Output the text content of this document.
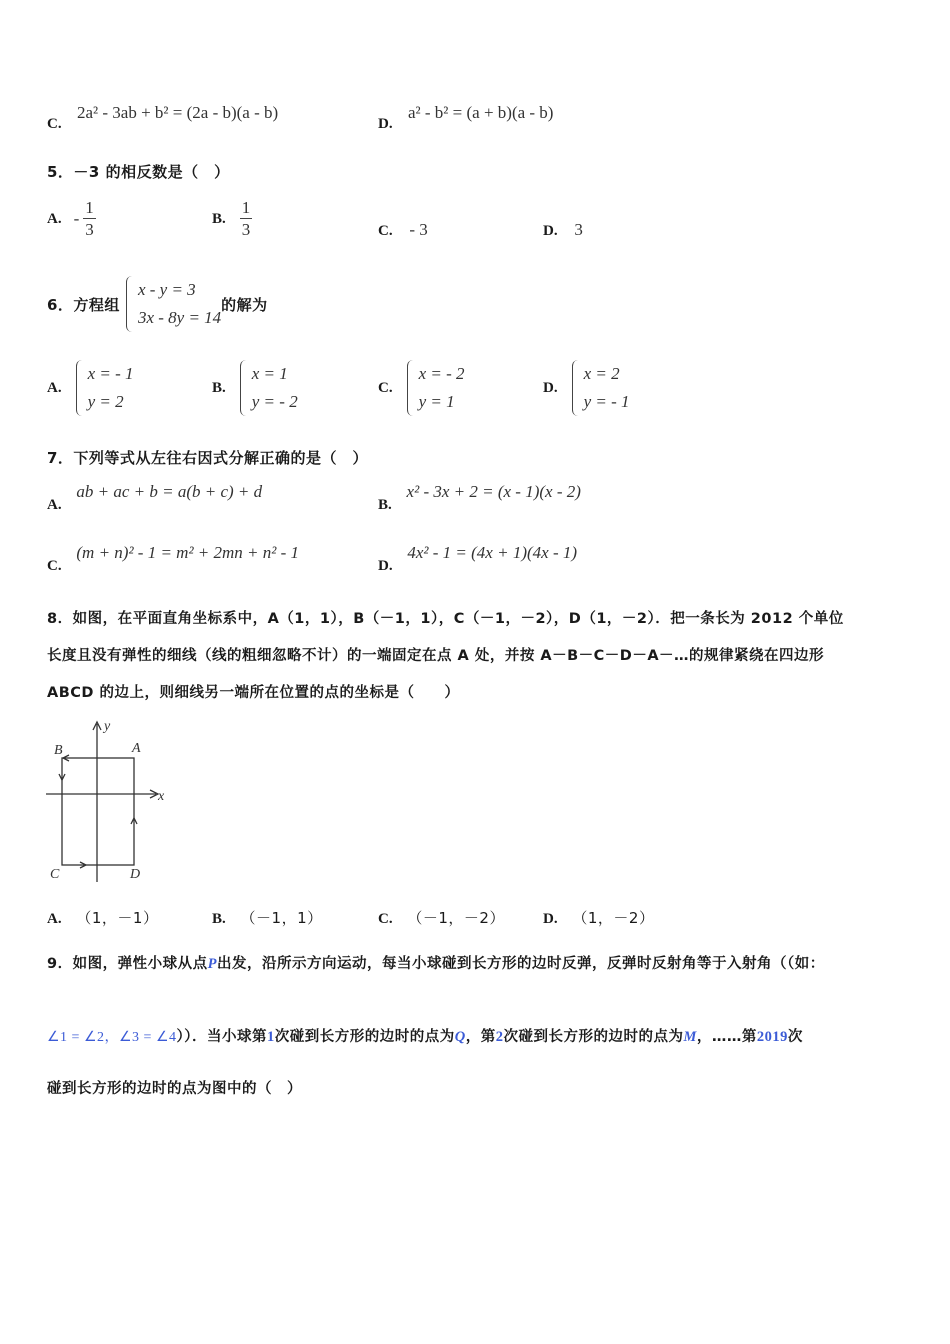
C.
2a² - 3ab + b² = (2a - b)(a - b)
D.
a² - b² = (a + b)(a - b)
5．－3 的相反数是（　）
A. - $\frac{1}{3}$	B. $\frac{1}{3}$	C. - 3	D. 3
6．方程组
x - y = 3
3x - 8y = 14
的解为
A.
x = - 1
y = 2
B.
x = 1
y = - 2
C.
x = - 2
y = 1
D.
x = 2
y = - 1
7．下列等式从左往右因式分解正确的是（　）
A. ab + ac + b = a(b + c) + d
B. x² - 3x + 2 = (x - 1)(x - 2)
C. (m + n)² - 1 = m² + 2mn + n² - 1
D. 4x² - 1 = (4x + 1)(4x - 1)
8．如图，在平面直角坐标系中，A（1，1），B（－1，1），C（－1，－2），D（1，－2）．把一条长为 2012 个单位
长度且没有弹性的细线（线的粗细忽略不计）的一端固定在点 A 处，并按 A－B－C－D－A－…的规律紧绕在四边形
ABCD 的边上，则细线另一端所在位置的点的坐标是（　　）
y
x
A
B
C	D
A. （1，－1）	B. （－1，1）	C. （－1，－2）	D. （1，－2）
9．如图，弹性小球从点P出发，沿所示方向运动，每当小球碰到长方形的边时反弹，反弹时反射角等于入射角（（如：
∠1 = ∠2，∠3 = ∠4））．当小球第1次碰到长方形的边时的点为Q，第2次碰到长方形的边时的点为M，……第2019次
碰到长方形的边时的点为图中的（　）
